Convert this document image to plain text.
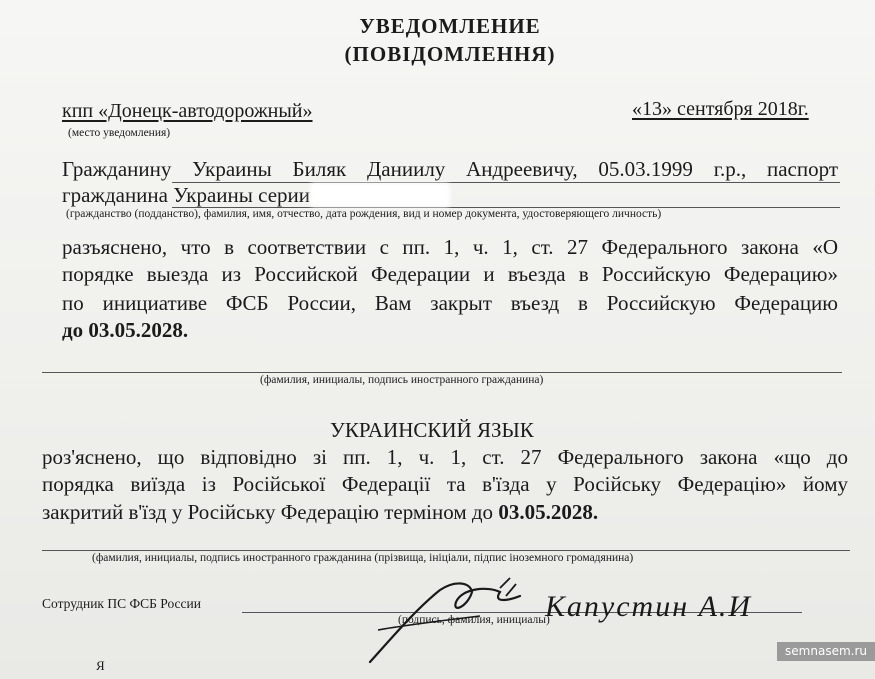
УВЕДОМЛЕНИЕ
(ПОВІДОМЛЕННЯ)
кпп «Донецк-автодорожный»
(место уведомления)
«13» сентября 2018г.
Гражданину Украины Биляк Даниилу Андреевичу, 05.03.1999 г.р., паспорт
гражданина Украины серии
(гражданство (подданство), фамилия, имя, отчество, дата рождения, вид и номер документа, удостоверяющего личность)
разъяснено, что в соответствии с пп. 1, ч. 1, ст. 27 Федерального закона «О
порядке выезда из Российской Федерации и въезда в Российскую Федерацию»
по инициативе ФСБ России, Вам закрыт въезд в Российскую Федерацию
до 03.05.2028.
(фамилия, инициалы, подпись иностранного гражданина)
УКРАИНСКИЙ ЯЗЫК
роз'яснено, що відповідно зі пп. 1, ч. 1, ст. 27 Федерального закона «що до
порядка виїзда із Російської Федерації та в'їзда у Російську Федерацію» йому
закритий в'їзд у Російську Федерацію терміном до 03.05.2028.
(фамилия, инициалы, подпись иностранного гражданина (прізвища, ініціали, підпис іноземного громадянина)
Сотрудник ПС ФСБ России
(подпись, фамилия, инициалы)
Капустин А.И
Я
semnasem.ru
